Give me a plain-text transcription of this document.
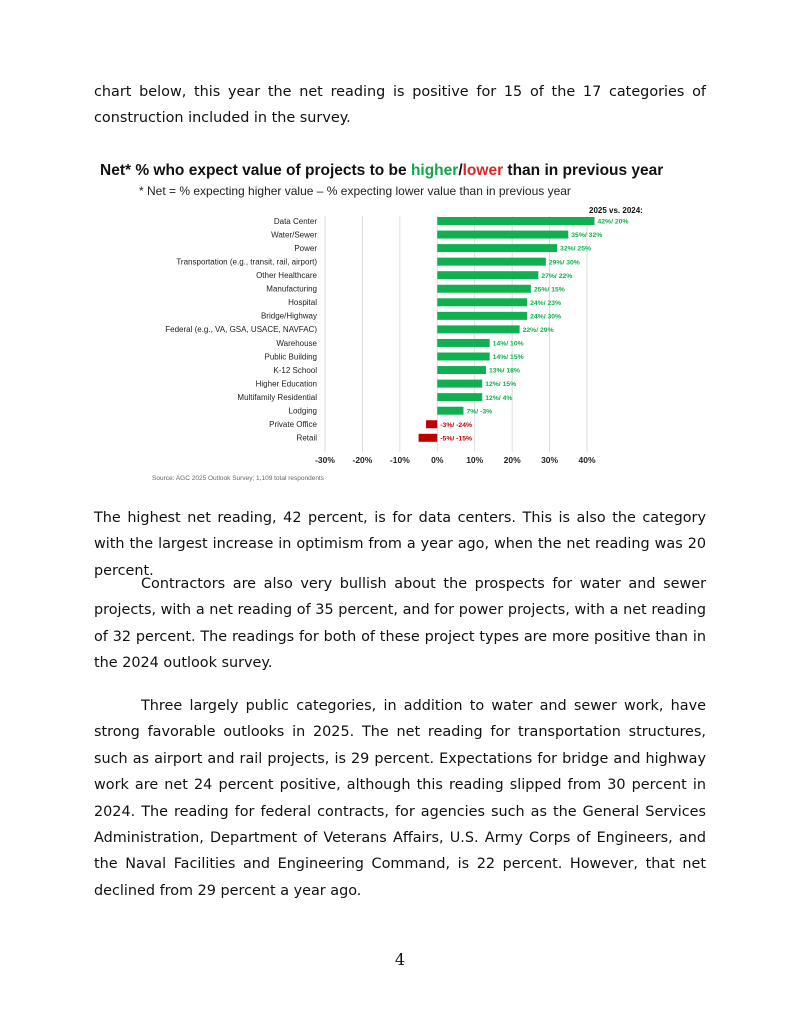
chart below, this year the net reading is positive for 15 of the 17 categories of construction included in the survey.

Net* % who expect value of projects to be higher/lower than in previous year
* Net = % expecting higher value – % expecting lower value than in previous year
2025 vs. 2024:
Data Center
Water/Sewer
Power
Transportation (e.g., transit, rail, airport)
Other Healthcare
Manufacturing
Hospital
Bridge/Highway
Federal (e.g., VA, GSA, USACE, NAVFAC)
Warehouse
Public Building
K-12 School
Higher Education
Multifamily Residential
Lodging
Private Office
Retail
42%/ 20%
35%/ 32%
32%/ 25%
29%/ 30%
27%/ 22%
25%/ 15%
24%/ 23%
24%/ 30%
22%/ 29%
14%/ 10%
14%/ 15%
13%/ 18%
12%/ 15%
12%/ 4%
7%/ -3%
-3%/ -24%
-5%/ -15%
-30% -20% -10%	0%	10% 20% 30% 40%
Source: AGC 2025 Outlook Survey; 1,109 total respondents

The highest net reading, 42 percent, is for data centers. This is also the category with the largest increase in optimism from a year ago, when the net reading was 20 percent.

Contractors are also very bullish about the prospects for water and sewer projects, with a net reading of 35 percent, and for power projects, with a net reading of 32 percent. The readings for both of these project types are more positive than in the 2024 outlook survey.

Three largely public categories, in addition to water and sewer work, have strong favorable outlooks in 2025. The net reading for transportation structures, such as airport and rail projects, is 29 percent. Expectations for bridge and highway work are net 24 percent positive, although this reading slipped from 30 percent in 2024. The reading for federal contracts, for agencies such as the General Services Administration, Department of Veterans Affairs, U.S. Army Corps of Engineers, and the Naval Facilities and Engineering Command, is 22 percent. However, that net declined from 29 percent a year ago.

4
